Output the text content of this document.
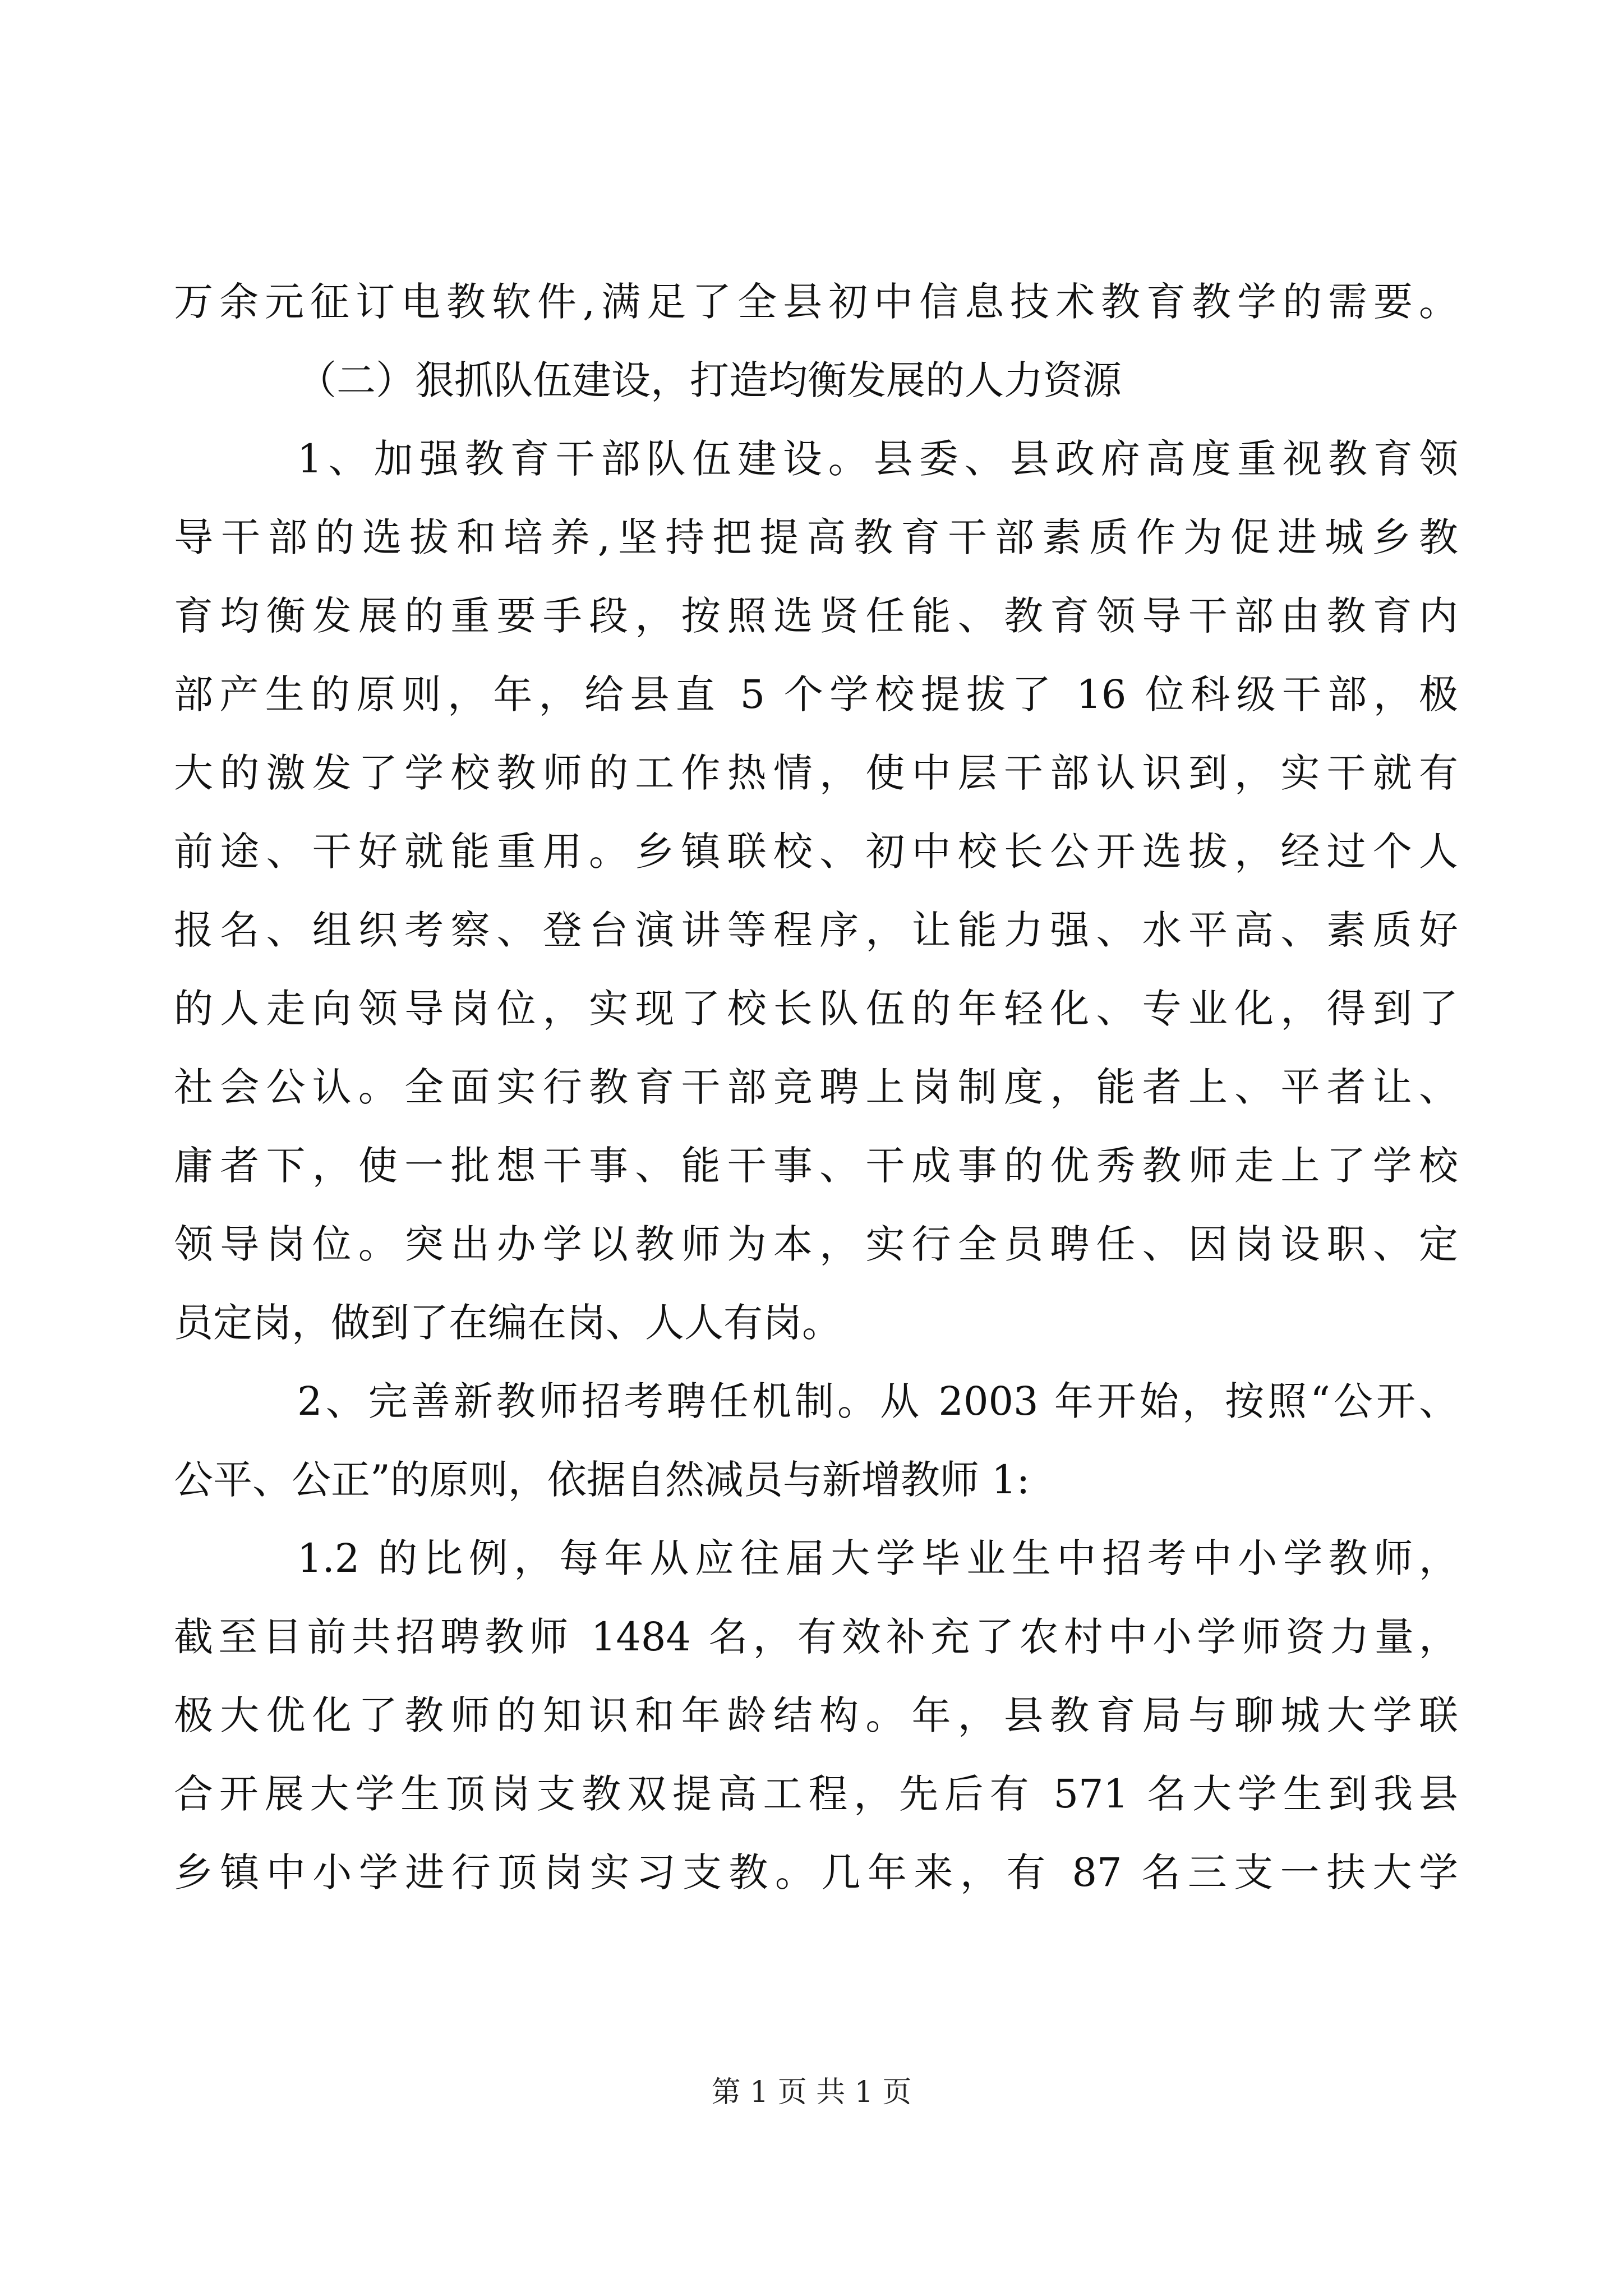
万余元征订电教软件,满足了全县初中信息技术教育教学的需要。
（二）狠抓队伍建设，打造均衡发展的人力资源
1、加强教育干部队伍建设。县委、县政府高度重视教育领
导干部的选拔和培养,坚持把提高教育干部素质作为促进城乡教
育均衡发展的重要手段，按照选贤任能、教育领导干部由教育内
部产生的原则，年，给县直 5 个学校提拔了 16 位科级干部，极
大的激发了学校教师的工作热情，使中层干部认识到，实干就有
前途、干好就能重用。乡镇联校、初中校长公开选拔，经过个人
报名、组织考察、登台演讲等程序，让能力强、水平高、素质好
的人走向领导岗位，实现了校长队伍的年轻化、专业化，得到了
社会公认。全面实行教育干部竞聘上岗制度，能者上、平者让、
庸者下，使一批想干事、能干事、干成事的优秀教师走上了学校
领导岗位。突出办学以教师为本，实行全员聘任、因岗设职、定
员定岗，做到了在编在岗、人人有岗。
2、完善新教师招考聘任机制。从 2003 年开始，按照“公开、
公平、公正”的原则，依据自然减员与新增教师 1:
1.2 的比例，每年从应往届大学毕业生中招考中小学教师，
截至目前共招聘教师 1484 名，有效补充了农村中小学师资力量，
极大优化了教师的知识和年龄结构。年，县教育局与聊城大学联
合开展大学生顶岗支教双提高工程，先后有 571 名大学生到我县
乡镇中小学进行顶岗实习支教。几年来，有 87 名三支一扶大学
第 1 页 共 1 页
